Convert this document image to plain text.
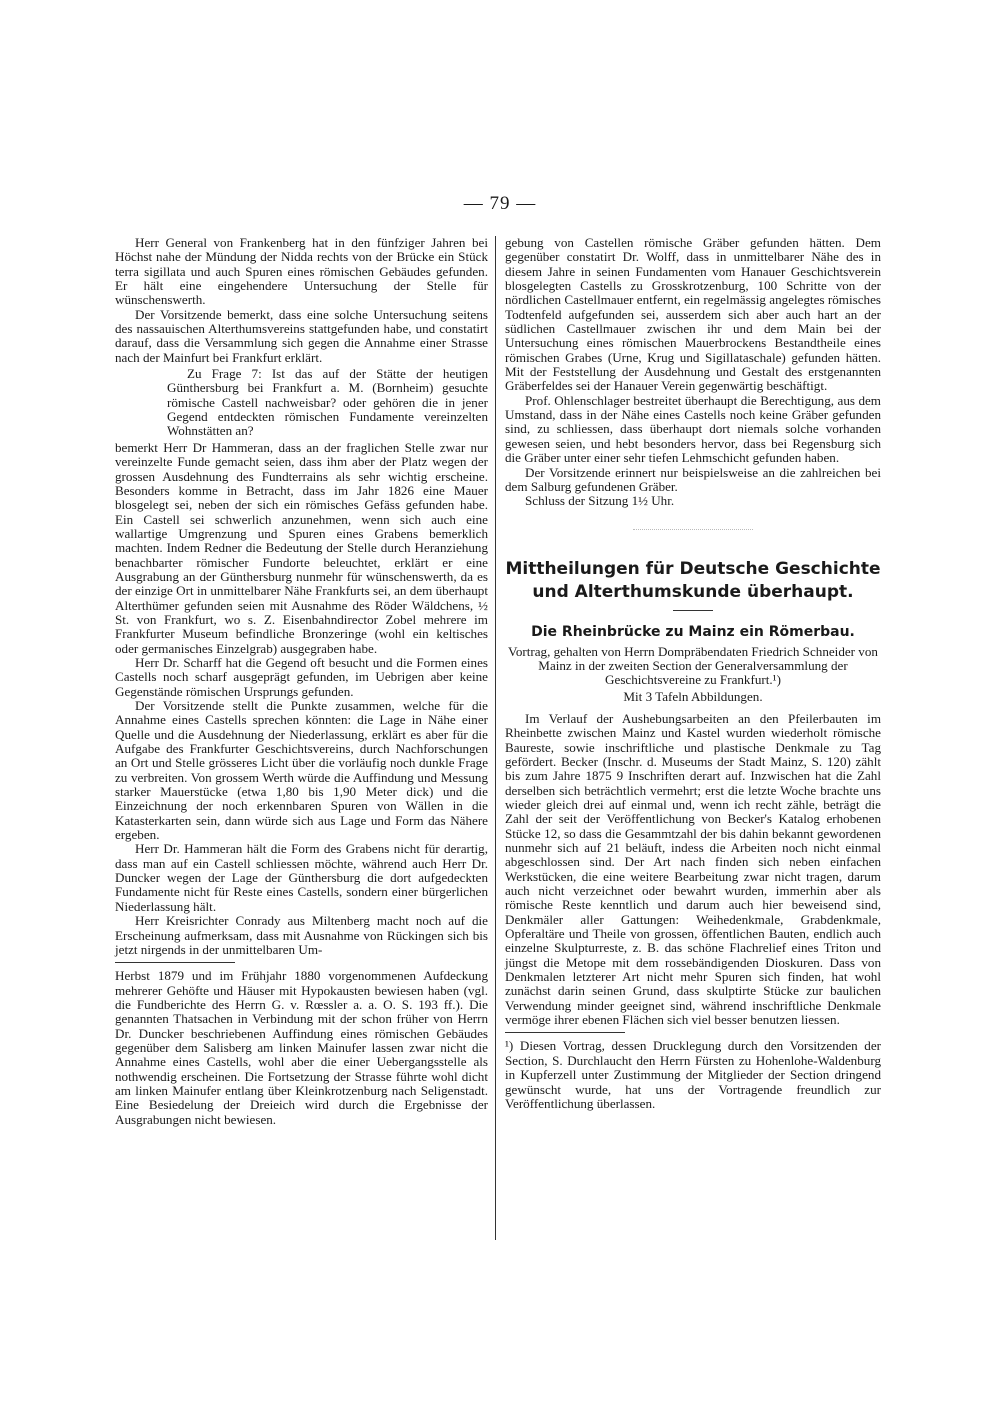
— 79 —

Herr General von Frankenberg hat in den fünfziger Jahren bei Höchst nahe der Mündung der Nidda rechts von der Brücke ein Stück terra sigillata und auch Spuren eines römischen Gebäudes gefunden. Er hält eine eingehendere Untersuchung der Stelle für wünschenswerth.

Der Vorsitzende bemerkt, dass eine solche Untersuchung seitens des nassauischen Alterthumsvereins stattgefunden habe, und constatirt darauf, dass die Versammlung sich gegen die Annahme einer Strasse nach der Mainfurt bei Frankfurt erklärt.

Zu Frage 7: Ist das auf der Stätte der heutigen Günthersburg bei Frankfurt a. M. (Bornheim) gesuchte römische Castell nachweisbar? oder gehören die in jener Gegend entdeckten römischen Fundamente vereinzelten Wohnstätten an?

bemerkt Herr Dr Hammeran, dass an der fraglichen Stelle zwar nur vereinzelte Funde gemacht seien, dass ihm aber der Platz wegen der grossen Ausdehnung des Fundterrains als sehr wichtig erscheine. Besonders komme in Betracht, dass im Jahr 1826 eine Mauer blosgelegt sei, neben der sich ein römisches Gefäss gefunden habe. Ein Castell sei schwerlich anzunehmen, wenn sich auch eine wallartige Umgrenzung und Spuren eines Grabens bemerklich machten. Indem Redner die Bedeutung der Stelle durch Heranziehung benachbarter römischer Fundorte beleuchtet, erklärt er eine Ausgrabung an der Günthersburg nunmehr für wünschenswerth, da es der einzige Ort in unmittelbarer Nähe Frankfurts sei, an dem überhaupt Alterthümer gefunden seien mit Ausnahme des Röder Wäldchens, ½ St. von Frankfurt, wo s. Z. Eisenbahndirector Zobel mehrere im Frankfurter Museum befindliche Bronzeringe (wohl ein keltisches oder germanisches Einzelgrab) ausgegraben habe.

Herr Dr. Scharff hat die Gegend oft besucht und die Formen eines Castells noch scharf ausgeprägt gefunden, im Uebrigen aber keine Gegenstände römischen Ursprungs gefunden.

Der Vorsitzende stellt die Punkte zusammen, welche für die Annahme eines Castells sprechen könnten: die Lage in Nähe einer Quelle und die Ausdehnung der Niederlassung, erklärt es aber für die Aufgabe des Frankfurter Geschichtsvereins, durch Nachforschungen an Ort und Stelle grösseres Licht über die vorläufig noch dunkle Frage zu verbreiten. Von grossem Werth würde die Auffindung und Messung starker Mauerstücke (etwa 1,80 bis 1,90 Meter dick) und die Einzeichnung der noch erkennbaren Spuren von Wällen in die Katasterkarten sein, dann würde sich aus Lage und Form das Nähere ergeben.

Herr Dr. Hammeran hält die Form des Grabens nicht für derartig, dass man auf ein Castell schliessen möchte, während auch Herr Dr. Duncker wegen der Lage der Günthersburg die dort aufgedeckten Fundamente nicht für Reste eines Castells, sondern einer bürgerlichen Niederlassung hält.

Herr Kreisrichter Conrady aus Miltenberg macht noch auf die Erscheinung aufmerksam, dass mit Ausnahme von Rückingen sich bis jetzt nirgends in der unmittelbaren Um-

Herbst 1879 und im Frühjahr 1880 vorgenommenen Aufdeckung mehrerer Gehöfte und Häuser mit Hypokausten bewiesen haben (vgl. die Fundberichte des Herrn G. v. Rœssler a. a. O. S. 193 ff.). Die genannten Thatsachen in Verbindung mit der schon früher von Herrn Dr. Duncker beschriebenen Auffindung eines römischen Gebäudes gegenüber dem Salisberg am linken Mainufer lassen zwar nicht die Annahme eines Castells, wohl aber die einer Uebergangsstelle als nothwendig erscheinen. Die Fortsetzung der Strasse führte wohl dicht am linken Mainufer entlang über Kleinkrotzenburg nach Seligenstadt. Eine Besiedelung der Dreieich wird durch die Ergebnisse der Ausgrabungen nicht bewiesen.

gebung von Castellen römische Gräber gefunden hätten. Dem gegenüber constatirt Dr. Wolff, dass in unmittelbarer Nähe des in diesem Jahre in seinen Fundamenten vom Hanauer Geschichtsverein blosgelegten Castells zu Grosskrotzenburg, 100 Schritte von der nördlichen Castellmauer entfernt, ein regelmässig angelegtes römisches Todtenfeld aufgefunden sei, ausserdem sich aber auch hart an der südlichen Castellmauer zwischen ihr und dem Main bei der Untersuchung eines römischen Mauerbrockens Bestandtheile eines römischen Grabes (Urne, Krug und Sigillataschale) gefunden hätten. Mit der Feststellung der Ausdehnung und Gestalt des erstgenannten Gräberfeldes sei der Hanauer Verein gegenwärtig beschäftigt.

Prof. Ohlenschlager bestreitet überhaupt die Berechtigung, aus dem Umstand, dass in der Nähe eines Castells noch keine Gräber gefunden sind, zu schliessen, dass überhaupt dort niemals solche vorhanden gewesen seien, und hebt besonders hervor, dass bei Regensburg sich die Gräber unter einer sehr tiefen Lehmschicht gefunden haben.

Der Vorsitzende erinnert nur beispielsweise an die zahlreichen bei dem Salburg gefundenen Gräber.

Schluss der Sitzung 1½ Uhr.

Mittheilungen für Deutsche Geschichte
und Alterthumskunde überhaupt.
Die Rheinbrücke zu Mainz ein Römerbau.

Vortrag, gehalten von Herrn Dompräbendaten Friedrich Schneider von Mainz in der zweiten Section der Generalversammlung der Geschichtsvereine zu Frankfurt.¹)

Mit 3 Tafeln Abbildungen.

Im Verlauf der Aushebungsarbeiten an den Pfeilerbauten im Rheinbette zwischen Mainz und Kastel wurden wiederholt römische Baureste, sowie inschriftliche und plastische Denkmale zu Tag gefördert. Becker (Inschr. d. Museums der Stadt Mainz, S. 120) zählt bis zum Jahre 1875 9 Inschriften derart auf. Inzwischen hat die Zahl derselben sich beträchtlich vermehrt; erst die letzte Woche brachte uns wieder gleich drei auf einmal und, wenn ich recht zähle, beträgt die Zahl der seit der Veröffentlichung von Becker's Katalog erhobenen Stücke 12, so dass die Gesammtzahl der bis dahin bekannt gewordenen nunmehr sich auf 21 beläuft, indess die Arbeiten noch nicht einmal abgeschlossen sind. Der Art nach finden sich neben einfachen Werkstücken, die eine weitere Bearbeitung zwar nicht tragen, darum auch nicht verzeichnet oder bewahrt wurden, immerhin aber als römische Reste kenntlich und darum auch hier beweisend sind, Denkmäler aller Gattungen: Weihedenkmale, Grabdenkmale, Opferaltäre und Theile von grossen, öffentlichen Bauten, endlich auch einzelne Skulpturreste, z. B. das schöne Flachrelief eines Triton und jüngst die Metope mit dem rossebändigenden Dioskuren. Dass von Denkmalen letzterer Art nicht mehr Spuren sich finden, hat wohl zunächst darin seinen Grund, dass skulptirte Stücke zur baulichen Verwendung minder geeignet sind, während inschriftliche Denkmale vermöge ihrer ebenen Flächen sich viel besser benutzen liessen.

¹) Diesen Vortrag, dessen Drucklegung durch den Vorsitzenden der Section, S. Durchlaucht den Herrn Fürsten zu Hohenlohe-Waldenburg in Kupferzell unter Zustimmung der Mitglieder der Section dringend gewünscht wurde, hat uns der Vortragende freundlich zur Veröffentlichung überlassen.
